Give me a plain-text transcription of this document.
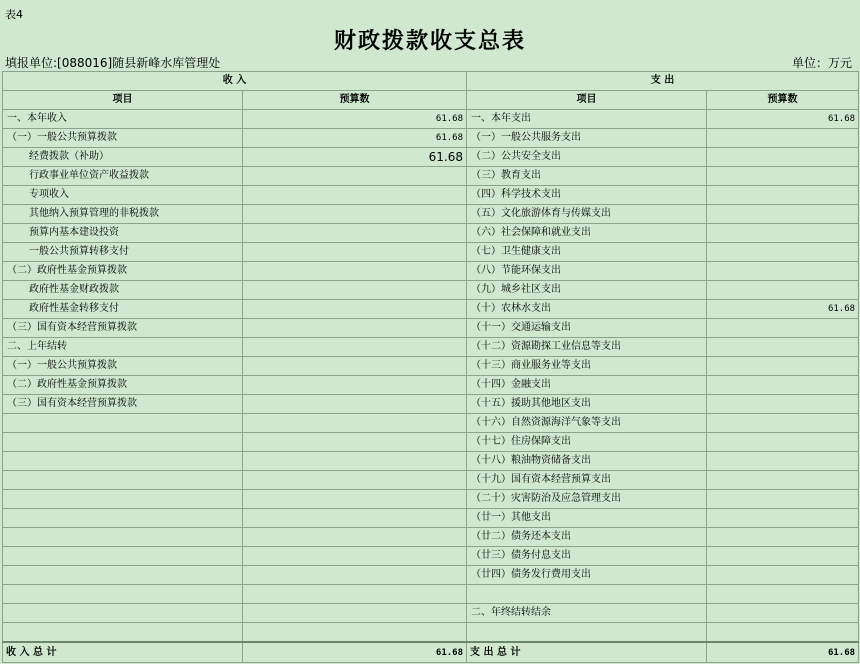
表4
财政拨款收支总表
填报单位:[088016]随县新峰水库管理处	单位：万元
收 入		支 出	
项目	预算数	项目	预算数
一、本年收入	61.68	一、本年支出	61.68
（一）一般公共预算拨款	61.68	（一）一般公共服务支出	
经费拨款（补助）	61.68	（二）公共安全支出	
行政事业单位资产收益拨款		（三）教育支出	
专项收入		（四）科学技术支出	
其他纳入预算管理的非税拨款		（五）文化旅游体育与传媒支出	
预算内基本建设投资		（六）社会保障和就业支出	
一般公共预算转移支付		（七）卫生健康支出	
（二）政府性基金预算拨款		（八）节能环保支出	
政府性基金财政拨款		（九）城乡社区支出	
政府性基金转移支付		（十）农林水支出	61.68
（三）国有资本经营预算拨款		（十一）交通运输支出	
二、上年结转		（十二）资源勘探工业信息等支出	
（一）一般公共预算拨款		（十三）商业服务业等支出	
（二）政府性基金预算拨款		（十四）金融支出	
（三）国有资本经营预算拨款		（十五）援助其他地区支出	
		（十六）自然资源海洋气象等支出	
		（十七）住房保障支出	
		（十八）粮油物资储备支出	
		（十九）国有资本经营预算支出	
		（二十）灾害防治及应急管理支出	
		（廿一）其他支出	
		（廿二）债务还本支出	
		（廿三）债务付息支出	
		（廿四）债务发行费用支出	

		二、年终结转结余	

收 入 总 计	61.68	支 出 总 计	61.68
